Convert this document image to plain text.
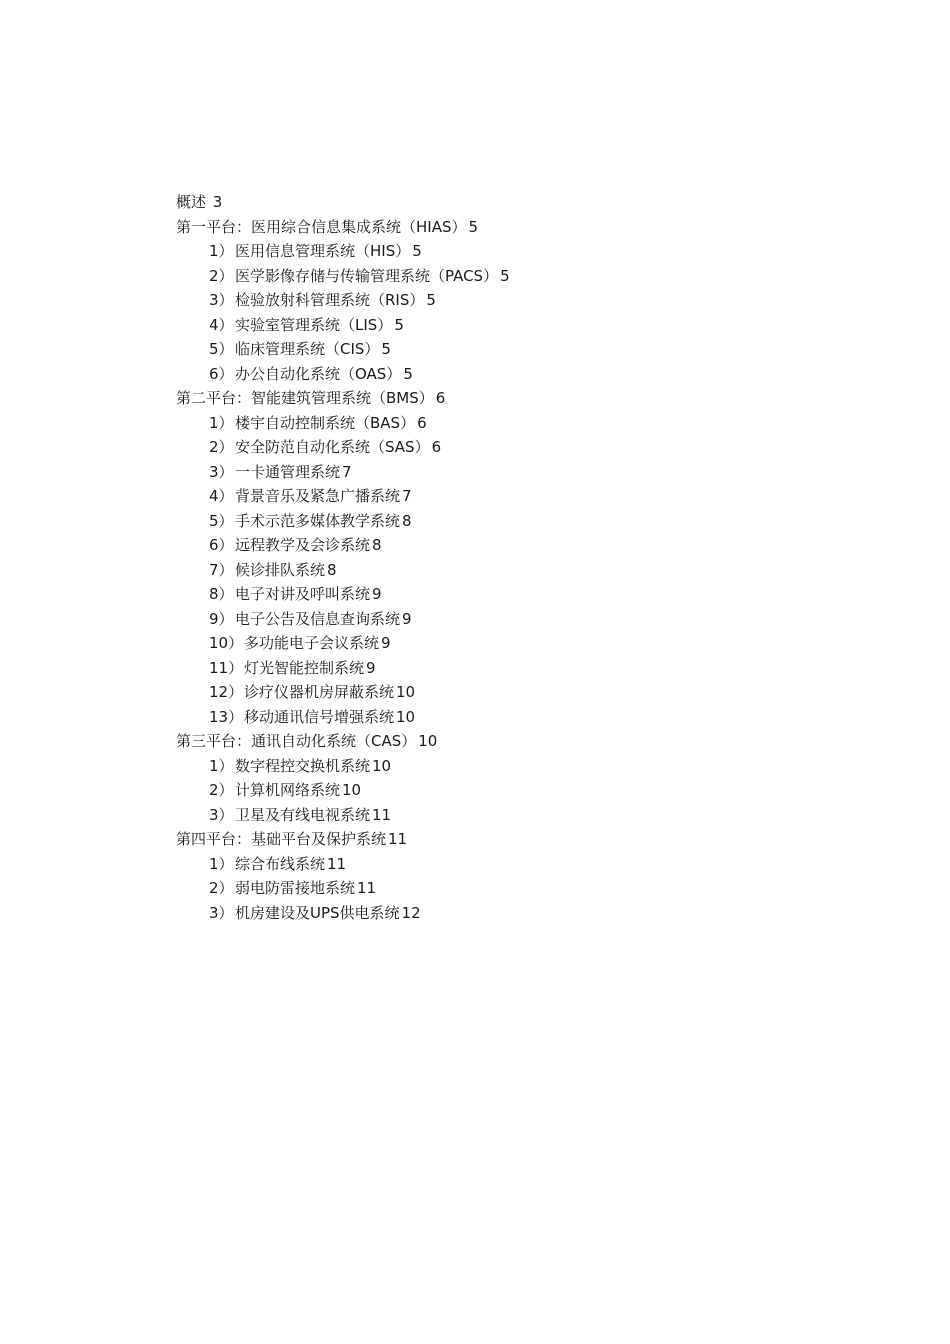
概述 3
第一平台：医用综合信息集成系统（HIAS） 5
1）医用信息管理系统（HIS） 5
2）医学影像存储与传输管理系统（PACS） 5
3）检验放射科管理系统（RIS） 5
4）实验室管理系统（LIS） 5
5）临床管理系统（CIS） 5
6）办公自动化系统（OAS） 5
第二平台：智能建筑管理系统（BMS） 6
1）楼宇自动控制系统（BAS） 6
2）安全防范自动化系统（SAS） 6
3）一卡通管理系统 7
4）背景音乐及紧急广播系统 7
5）手术示范多媒体教学系统 8
6）远程教学及会诊系统 8
7）候诊排队系统 8
8）电子对讲及呼叫系统 9
9）电子公告及信息查询系统 9
10）多功能电子会议系统 9
11）灯光智能控制系统 9
12）诊疗仪器机房屏蔽系统 10
13）移动通讯信号增强系统 10
第三平台：通讯自动化系统（CAS） 10
1）数字程控交换机系统 10
2）计算机网络系统 10
3）卫星及有线电视系统 11
第四平台：基础平台及保护系统 11
1）综合布线系统 11
2）弱电防雷接地系统 11
3）机房建设及UPS供电系统 12
